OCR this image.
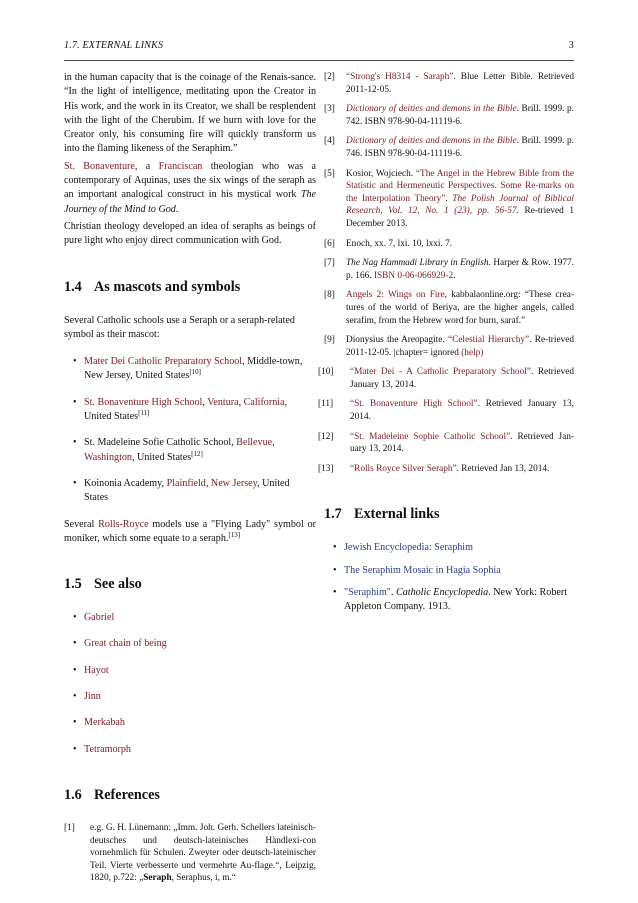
1.7. EXTERNAL LINKS	3

in the human capacity that is the coinage of the Renais-sance. “In the light of intelligence, meditating upon the Creator in His work, and the work in its Creator, we shall be resplendent with the light of the Cherubim. If we burn with love for the Creator only, his consuming fire will quickly transform us into the flaming likeness of the Seraphim.”

St. Bonaventure, a Franciscan theologian who was a contemporary of Aquinas, uses the six wings of the seraph as an important analogical construct in his mystical work The Journey of the Mind to God.

Christian theology developed an idea of seraphs as beings of pure light who enjoy direct communication with God.

1.4 As mascots and symbols

Several Catholic schools use a Seraph or a seraph-related symbol as their mascot:

• Mater Dei Catholic Preparatory School, Middle-town, New Jersey, United States[10]
• St. Bonaventure High School, Ventura, California, United States[11]
• St. Madeleine Sofie Catholic School, Bellevue, Washington, United States[12]
• Koinonia Academy, Plainfield, New Jersey, United States

Several Rolls-Royce models use a "Flying Lady" symbol or moniker, which some equate to a seraph.[13]

1.5 See also
• Gabriel
• Great chain of being
• Hayot
• Jinn
• Merkabah
• Tetramorph
1.6 References
[1] e.g. G. H. Lünemann: „Imm. Joh. Gerh. Schellers lateinisch-deutsches und deutsch-lateinisches Händlexi-con vornehmlich für Schulen. Zweyter oder deutsch-lateinischer Teil. Vierte verbesserte und vermehrte Au-flage.“, Leipzig, 1820, p.722: „Seraph, Seraphus, i, m.“
[2] “Strong's H8314 - Saraph”. Blue Letter Bible. Retrieved 2011-12-05.
[3] Dictionary of deities and demons in the Bible. Brill. 1999. p. 742. ISBN 978-90-04-11119-6.
[4] Dictionary of deities and demons in the Bible. Brill. 1999. p. 746. ISBN 978-90-04-11119-6.
[5] Kosior, Wojciech. “The Angel in the Hebrew Bible from the Statistic and Hermeneutic Perspectives. Some Re-marks on the Interpolation Theory”. The Polish Journal of Biblical Research, Vol. 12, No. 1 (23), pp. 56-57. Re-trieved 1 December 2013.
[6] Enoch, xx. 7, lxi. 10, lxxi. 7.
[7] The Nag Hammadi Library in English. Harper & Row. 1977. p. 166. ISBN 0-06-066929-2.
[8] Angels 2: Wings on Fire, kabbalaonline.org: “These crea-tures of the world of Beriya, are the higher angels, called serafim, from the Hebrew word for burn, saraf.”
[9] Dionysius the Areopagite. “Celestial Hierarchy”. Re-trieved 2011-12-05. |chapter= ignored (help)
[10] “Mater Dei - A Catholic Preparatory School”. Retrieved January 13, 2014.
[11] “St. Bonaventure High School”. Retrieved January 13, 2014.
[12] “St. Madeleine Sophie Catholic School”. Retrieved Jan-uary 13, 2014.
[13] “Rolls Royce Silver Seraph”. Retrieved Jan 13, 2014.
1.7 External links
• Jewish Encyclopedia: Seraphim
• The Seraphim Mosaic in Hagia Sophia
• "Seraphim". Catholic Encyclopedia. New York: Robert Appleton Company. 1913.
